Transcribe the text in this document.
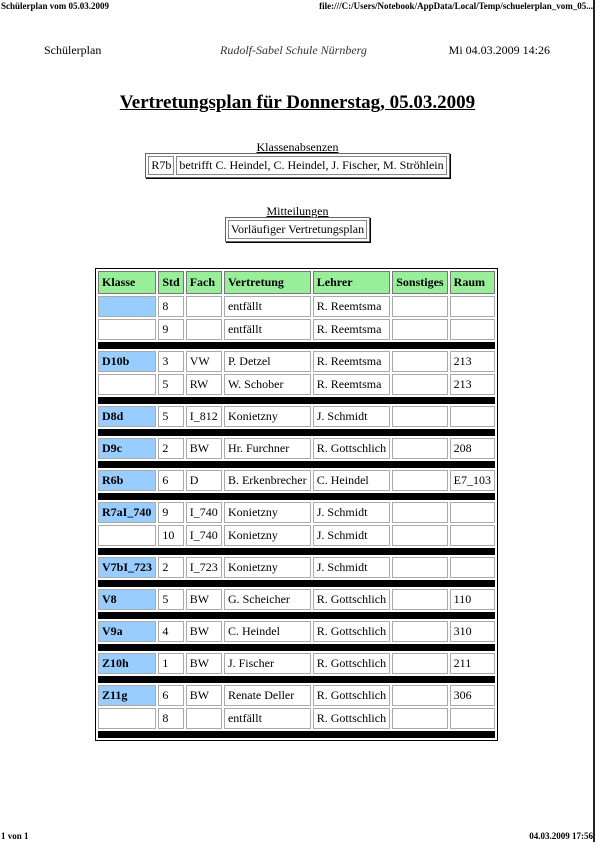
Schülerplan vom 05.03.2009	file:///C:/Users/Notebook/AppData/Local/Temp/schuelerplan_vom_05...
Schülerplan	Rudolf-Sabel Schule Nürnberg	Mi 04.03.2009 14:26
Vertretungsplan für Donnerstag, 05.03.2009
Klassenabsenzen
R7b	betrifft C. Heindel, C. Heindel, J. Fischer, M. Ströhlein
Mitteilungen
Vorläufiger Vertretungsplan
Klasse	Std	Fach	Vertretung	Lehrer	Sonstiges	Raum
	8		entfällt	R. Reemtsma		
	9		entfällt	R. Reemtsma		

D10b	3	VW	P. Detzel	R. Reemtsma		213
	5	RW	W. Schober	R. Reemtsma		213

D8d	5	I_812	Konietzny	J. Schmidt		

D9c	2	BW	Hr. Furchner	R. Gottschlich		208

R6b	6	D	B. Erkenbrecher	C. Heindel		E7_103

R7aI_740	9	I_740	Konietzny	J. Schmidt		
	10	I_740	Konietzny	J. Schmidt		

V7bI_723	2	I_723	Konietzny	J. Schmidt		

V8	5	BW	G. Scheicher	R. Gottschlich		110

V9a	4	BW	C. Heindel	R. Gottschlich		310

Z10h	1	BW	J. Fischer	R. Gottschlich		211

Z11g	6	BW	Renate Deller	R. Gottschlich		306
	8		entfällt	R. Gottschlich		

1 von 1	04.03.2009 17:56
